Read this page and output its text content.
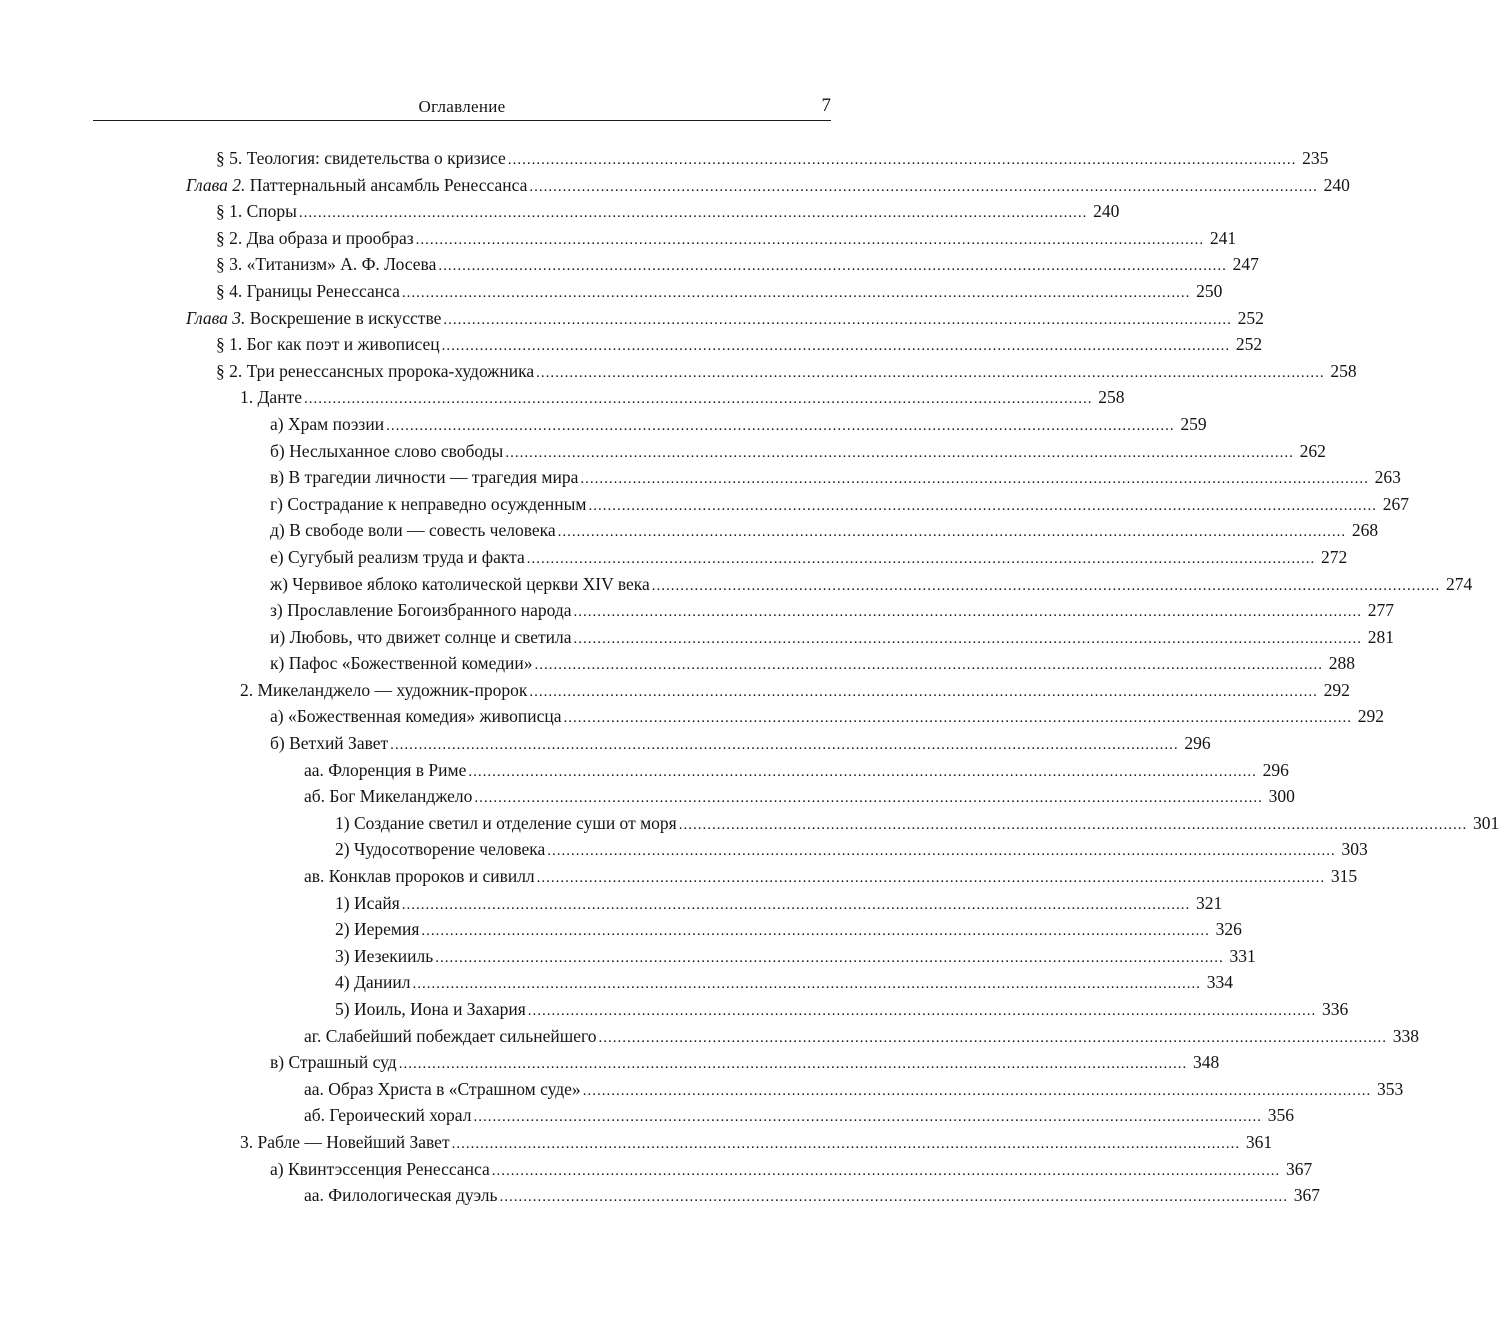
Оглавление	7
§ 5. Теология: свидетельства о кризисе ...................................................................................................................................................................... 235
Глава 2. Паттернальный ансамбль Ренессанса ...................................................................................................................................................................... 240
§ 1. Споры ...................................................................................................................................................................... 240
§ 2. Два образа и прообраз ...................................................................................................................................................................... 241
§ 3. «Титанизм» А. Ф. Лосева ...................................................................................................................................................................... 247
§ 4. Границы Ренессанса ...................................................................................................................................................................... 250
Глава 3. Воскрешение в искусстве ...................................................................................................................................................................... 252
§ 1. Бог как поэт и живописец ...................................................................................................................................................................... 252
§ 2. Три ренессансных пророка-художника ...................................................................................................................................................................... 258
1. Данте ...................................................................................................................................................................... 258
а) Храм поэзии ...................................................................................................................................................................... 259
б) Неслыханное слово свободы ...................................................................................................................................................................... 262
в) В трагедии личности — трагедия мира ...................................................................................................................................................................... 263
г) Сострадание к неправедно осужденным ...................................................................................................................................................................... 267
д) В свободе воли — совесть человека ...................................................................................................................................................................... 268
е) Сугубый реализм труда и факта ...................................................................................................................................................................... 272
ж) Червивое яблоко католической церкви XIV века ...................................................................................................................................................................... 274
з) Прославление Богоизбранного народа ...................................................................................................................................................................... 277
и) Любовь, что движет солнце и светила ...................................................................................................................................................................... 281
к) Пафос «Божественной комедии» ...................................................................................................................................................................... 288
2. Микеланджело — художник-пророк ...................................................................................................................................................................... 292
а) «Божественная комедия» живописца ...................................................................................................................................................................... 292
б) Ветхий Завет ...................................................................................................................................................................... 296
аа. Флоренция в Риме ...................................................................................................................................................................... 296
аб. Бог Микеланджело ...................................................................................................................................................................... 300
1) Создание светил и отделение суши от моря ...................................................................................................................................................................... 301
2) Чудосотворение человека ...................................................................................................................................................................... 303
ав. Конклав пророков и сивилл ...................................................................................................................................................................... 315
1) Исайя ...................................................................................................................................................................... 321
2) Иеремия ...................................................................................................................................................................... 326
3) Иезекииль ...................................................................................................................................................................... 331
4) Даниил ...................................................................................................................................................................... 334
5) Иоиль, Иона и Захария ...................................................................................................................................................................... 336
аг. Слабейший побеждает сильнейшего ...................................................................................................................................................................... 338
в) Страшный суд ...................................................................................................................................................................... 348
аа. Образ Христа в «Страшном суде» ...................................................................................................................................................................... 353
аб. Героический хорал ...................................................................................................................................................................... 356
3. Рабле — Новейший Завет ...................................................................................................................................................................... 361
а) Квинтэссенция Ренессанса ...................................................................................................................................................................... 367
аа. Филологическая дуэль ...................................................................................................................................................................... 367
